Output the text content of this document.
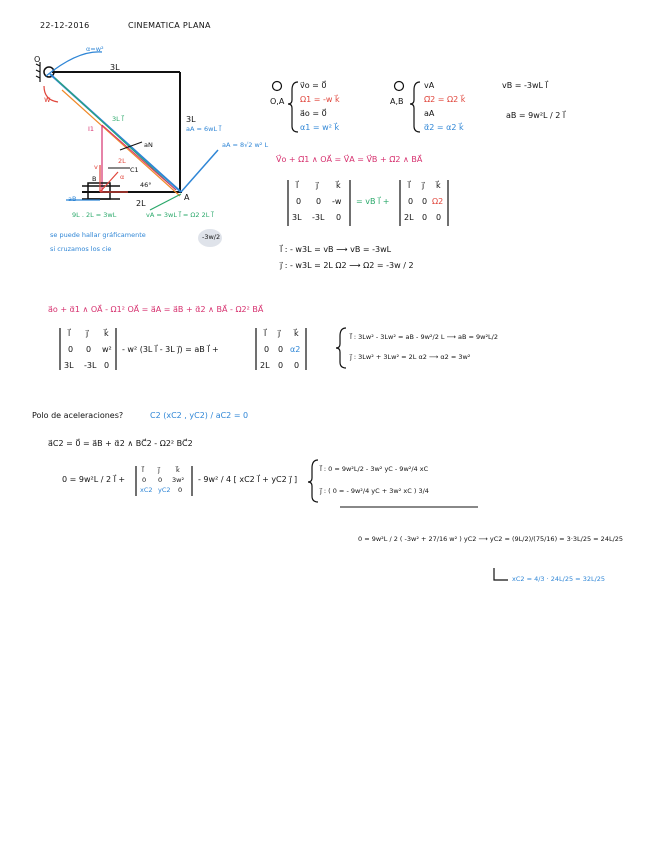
22-12-2016	CINEMATICA PLANA
O
α=w²
3L
w
3L
3L l⃗
aA = 6wL l⃗
aA = 8√2 w² L
I1
aN
2L
C1
v
α
46°
B
A
aB	2L
9L . 2L = 3wL	vA = 3wL l⃗ = Ω2 2L l⃗
se puede hallar gráficamente
si cruzamos los cie
-3w/2
O,A
v⃗o = 0⃗
Ω1 = -w k⃗
a⃗o = 0⃗
α1 = w² k⃗
A,B
vA
Ω⃗2 = Ω2 k⃗
aA
α⃗2 = α2 k⃗
vB = -3wL l⃗
aB = 9w²L / 2 l⃗
V⃗o + Ω⃗1 ∧ OA⃗ = V⃗A = V⃗B + Ω⃗2 ∧ BA⃗
l⃗ j⃗ k⃗
0 0 -w
3L -3L 0
= vB l⃗ +
l⃗ j⃗ k⃗
0 0 Ω2
2L 0 0
l⃗ : - w3L = vB ⟶ vB = -3wL
j⃗ : - w3L = 2L Ω2 ⟶ Ω2 = -3w / 2
a⃗o + α⃗1 ∧ OA⃗ - Ω1² OA⃗ = a⃗A = a⃗B + α⃗2 ∧ BA⃗ - Ω2² BA⃗
l⃗ j⃗ k⃗
0 0 w²
3L -3L 0
- w² (3L l⃗ - 3L j⃗) = aB l⃗ +
l⃗ j⃗ k⃗
0 0 α2
2L 0 0
l⃗ : 3Lw² - 3Lw² = aB - 9w²/2 L ⟶ aB = 9w²L/2
j⃗ : 3Lw² + 3Lw² = 2L α2 ⟶ α2 = 3w²
Polo de aceleraciones?	C2 (xC2 , yC2) / aC2 = 0
a⃗C2 = 0⃗ = a⃗B + α⃗2 ∧ BC⃗2 - Ω2² BC⃗2
0 = 9w²L / 2 l⃗ +
l⃗ j⃗ k⃗
0 0 3w²
xC2 yC2 0
- 9w² / 4 [ xC2 l⃗ + yC2 j⃗ ]
l⃗ : 0 = 9w²L/2 - 3w² yC - 9w²/4 xC
j⃗ : ( 0 = - 9w²/4 yC + 3w² xC ) 3/4
0 = 9w²L / 2 ( -3w² + 27/16 w² ) yC2 ⟶ yC2 = (9L/2)/(75/16) = 3·3L/25 = 24L/25
xC2 = 4/3 · 24L/25 = 32L/25
